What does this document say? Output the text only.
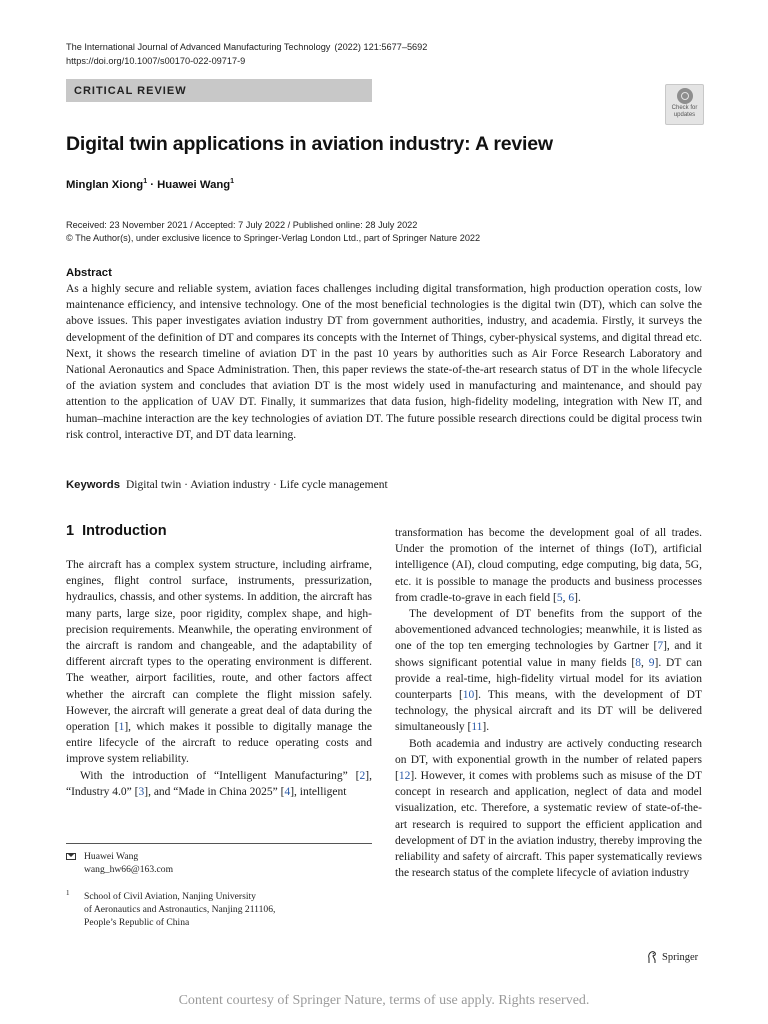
The International Journal of Advanced Manufacturing Technology (2022) 121:5677–5692
https://doi.org/10.1007/s00170-022-09717-9
CRITICAL REVIEW
Check for
updates
Digital twin applications in aviation industry: A review
Minglan Xiong$^1$ · Huawei Wang$^1$
Received: 23 November 2021 / Accepted: 7 July 2022 / Published online: 28 July 2022
© The Author(s), under exclusive licence to Springer-Verlag London Ltd., part of Springer Nature 2022
Abstract
As a highly secure and reliable system, aviation faces challenges including digital transformation, high production operation costs, low maintenance efficiency, and intensive technology. One of the most beneficial technologies is the digital twin (DT), which can solve the above issues. This paper investigates aviation industry DT from government authorities, industry, and academia. Firstly, it surveys the development of the definition of DT and compares its concepts with the Internet of Things, cyber-physical systems, and digital thread etc. Next, it shows the research timeline of aviation DT in the past 10 years by authorities such as Air Force Research Laboratory and National Aeronautics and Space Administration. Then, this paper reviews the state-of-the-art research status of DT in the whole lifecycle of the aviation system and concludes that aviation DT is the most widely used in manufacturing and maintenance, and should pay attention to the application of UAV DT. Finally, it summarizes that data fusion, high-fidelity modeling, integration with New IT, and human–machine interaction are the key technologies of aviation DT. The future possible research directions could be digital process twin risk control, interactive DT, and DT data learning.
Keywords Digital twin · Aviation industry · Life cycle management
1 Introduction

The aircraft has a complex system structure, including airframe, engines, flight control surface, instruments, pressurization, hydraulics, chassis, and other systems. In addition, the aircraft has many parts, large size, poor rigidity, complex shape, and high-precision requirements. Meanwhile, the operating environment of the aircraft is random and changeable, and the adaptability of different aircraft types to the operating environment is different. The weather, airport facilities, route, and other factors affect whether the aircraft can complete the flight mission safely. However, the aircraft will generate a great deal of data during the operation [1], which makes it possible to digitally manage the entire lifecycle of the aircraft to reduce operating costs and improve system reliability.

With the introduction of “Intelligent Manufacturing” [2], “Industry 4.0” [3], and “Made in China 2025” [4], intelligent

transformation has become the development goal of all trades. Under the promotion of the internet of things (IoT), artificial intelligence (AI), cloud computing, edge computing, big data, 5G, etc. it is possible to manage the products and business processes from cradle-to-grave in each field [5, 6].

The development of DT benefits from the support of the abovementioned advanced technologies; meanwhile, it is listed as one of the top ten emerging technologies by Gartner [7], and it shows significant potential value in many fields [8, 9]. DT can provide a real-time, high-fidelity virtual model for its aviation counterparts [10]. This means, with the development of DT technology, the physical aircraft and its DT will be delivered simultaneously [11].

Both academia and industry are actively conducting research on DT, with exponential growth in the number of related papers [12]. However, it comes with problems such as misuse of the DT concept in research and application, neglect of data and model visualization, etc. Therefore, a systematic review of state-of-the-art research is required to support the efficient application and development of DT in the aviation industry, thereby improving the reliability and safety of aircraft. This paper systematically reviews the research status of the complete lifecycle of aviation industry

Huawei Wang
wang_hw66@163.com
1 School of Civil Aviation, Nanjing University
of Aeronautics and Astronautics, Nanjing 211106,
People’s Republic of China
Springer
Content courtesy of Springer Nature, terms of use apply. Rights reserved.
